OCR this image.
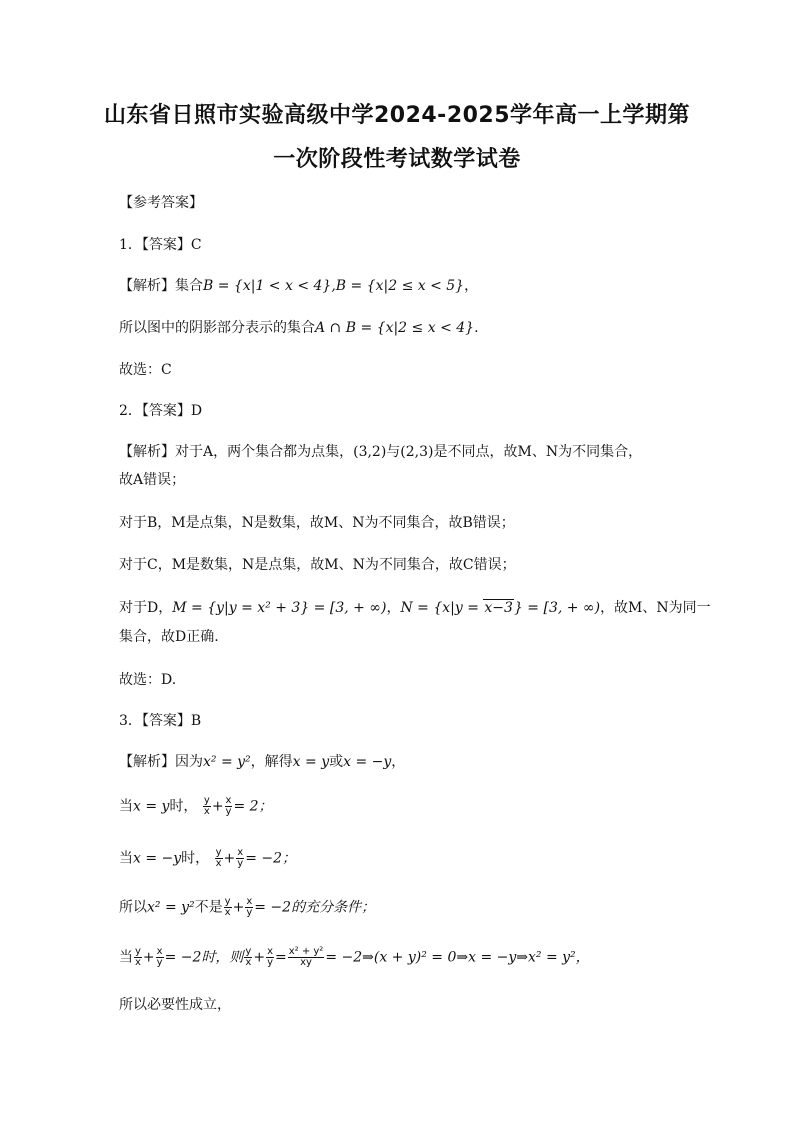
山东省日照市实验高级中学2024-2025学年高一上学期第
一次阶段性考试数学试卷
【参考答案】
1．【答案】C
【解析】集合B = {x|1 < x < 4},B = {x|2 ≤ x < 5}，
所以图中的阴影部分表示的集合A ∩ B = {x|2 ≤ x < 4}.
故选：C
2．【答案】D
【解析】对于A，两个集合都为点集，(3,2)与(2,3)是不同点，故M、N为不同集合，
故A错误；
对于B，M是点集，N是数集，故M、N为不同集合，故B错误；
对于C，M是数集，N是点集，故M、N为不同集合，故C错误；
对于D，M = {y|y = x² + 3} = [3, + ∞)，N = {x|y = x−3} = [3, + ∞)，故M、N为同一
集合，故D正确.
故选：D.
3．【答案】B
【解析】因为x² = y²，解得x = y或x = −y，
当x = y时， $\frac{y}{x} + \frac{x}{y} = 2$；
当x = −y时， $\frac{y}{x} + \frac{x}{y} = -2$；
所以x² = y²不是 $\frac{y}{x} + \frac{x}{y} = -2$的充分条件；
当 $\frac{y}{x} + \frac{x}{y} = -2$时，则 $\frac{y}{x} + \frac{x}{y} = \frac{\text{x² + y²}}{xy}$ = −2⇒(x + y)² = 0⇒x = −y⇒x² = y²，
所以必要性成立，
